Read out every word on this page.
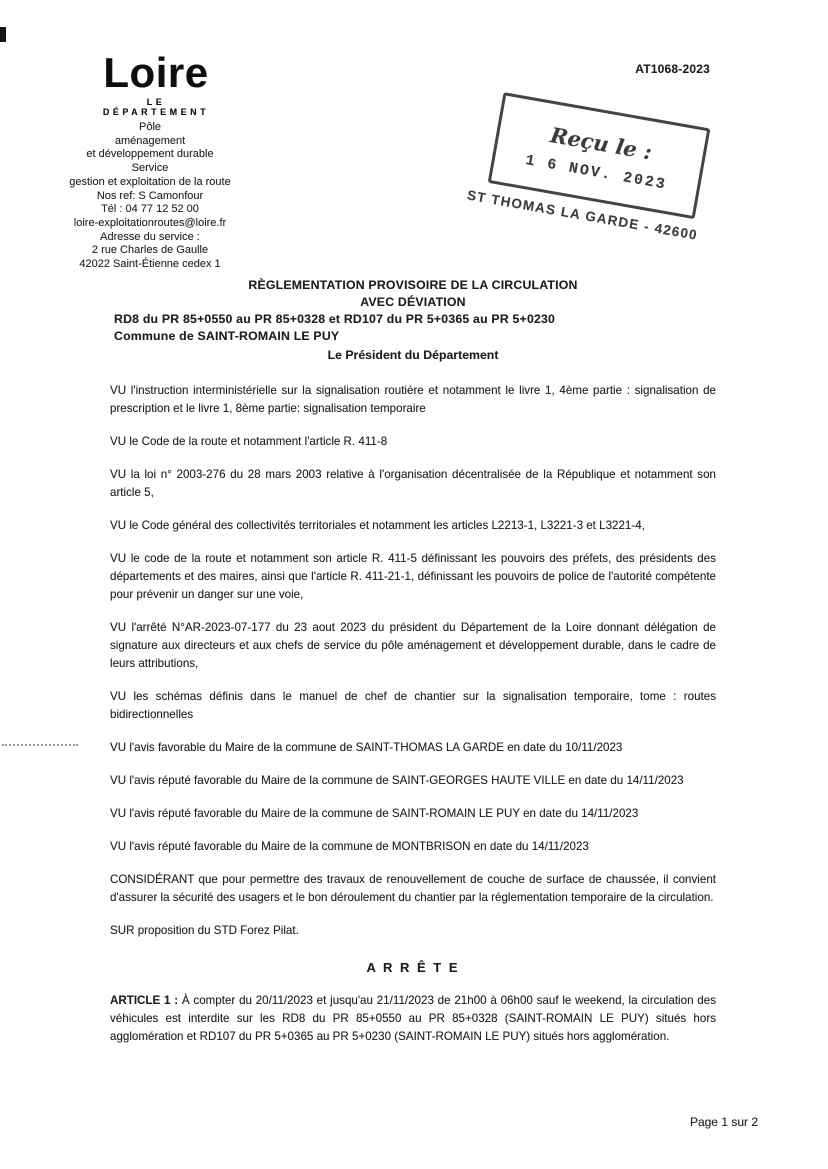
AT1068-2023
Loire
LE DÉPARTEMENT
Pôle
aménagement
et développement durable
Service
gestion et exploitation de la route
Nos ref: S Camonfour
Tél : 04 77 12 52 00
loire-exploitationroutes@loire.fr
Adresse du service :
2 rue Charles de Gaulle
42022 Saint-Étienne cedex 1
Reçu le :
1 6 NOV. 2023
ST THOMAS LA GARDE - 42600
RÈGLEMENTATION PROVISOIRE DE LA CIRCULATION
AVEC DÉVIATION
RD8 du PR 85+0550 au PR 85+0328 et RD107 du PR 5+0365 au PR 5+0230
Commune de SAINT-ROMAIN LE PUY
Le Président du Département

VU l'instruction interministérielle sur la signalisation routière et notamment le livre 1, 4ème partie : signalisation de prescription et le livre 1, 8ème partie: signalisation temporaire

VU le Code de la route et notamment l'article R. 411-8

VU la loi n° 2003-276 du 28 mars 2003 relative à l'organisation décentralisée de la République et notamment son article 5,

VU le Code général des collectivités territoriales et notamment les articles L2213-1, L3221-3 et L3221-4,

VU le code de la route et notamment son article R. 411-5 définissant les pouvoirs des préfets, des présidents des départements et des maires, ainsi que l'article R. 411-21-1, définissant les pouvoirs de police de l'autorité compétente pour prévenir un danger sur une voie,

VU l'arrêté N°AR-2023-07-177 du 23 aout 2023 du président du Département de la Loire donnant délégation de signature aux directeurs et aux chefs de service du pôle aménagement et développement durable, dans le cadre de leurs attributions,

VU les schémas définis dans le manuel de chef de chantier sur la signalisation temporaire, tome : routes bidirectionnelles

VU l'avis favorable du Maire de la commune de SAINT-THOMAS LA GARDE en date du 10/11/2023

VU l'avis réputé favorable du Maire de la commune de SAINT-GEORGES HAUTE VILLE en date du 14/11/2023

VU l'avis réputé favorable du Maire de la commune de SAINT-ROMAIN LE PUY en date du 14/11/2023

VU l'avis réputé favorable du Maire de la commune de MONTBRISON en date du 14/11/2023

CONSIDÉRANT que pour permettre des travaux de renouvellement de couche de surface de chaussée, il convient d'assurer la sécurité des usagers et le bon déroulement du chantier par la réglementation temporaire de la circulation.

SUR proposition du STD Forez Pilat.

A R R Ê T E

ARTICLE 1 : À compter du 20/11/2023 et jusqu'au 21/11/2023 de 21h00 à 06h00 sauf le weekend, la circulation des véhicules est interdite sur les RD8 du PR 85+0550 au PR 85+0328 (SAINT-ROMAIN LE PUY) situés hors agglomération et RD107 du PR 5+0365 au PR 5+0230 (SAINT-ROMAIN LE PUY) situés hors agglomération.

Page 1 sur 2
